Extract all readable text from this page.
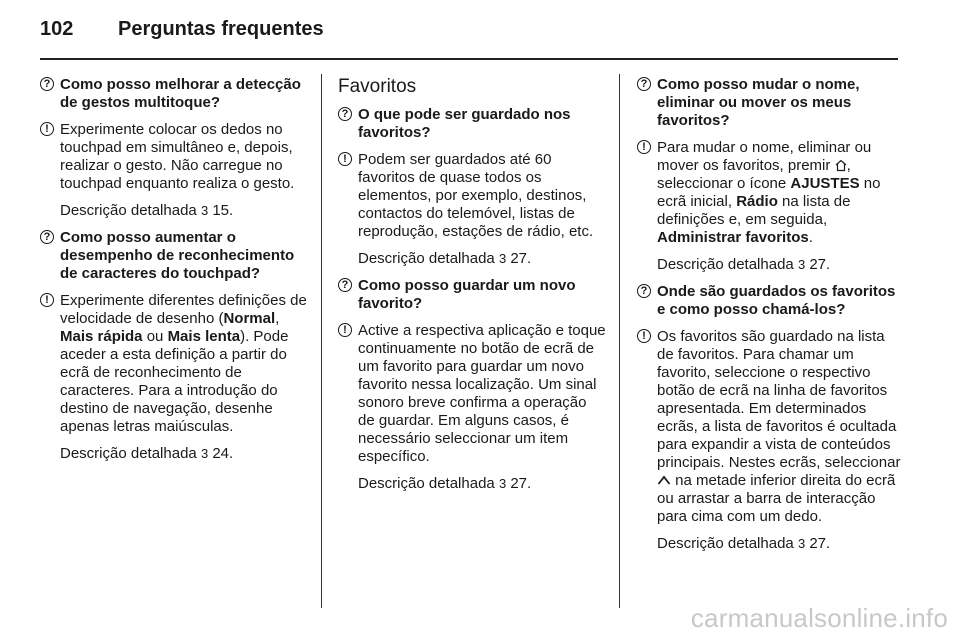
102 Perguntas frequentes
? Como posso melhorar a detecção de gestos multitoque?
! Experimente colocar os dedos no touchpad em simultâneo e, depois, realizar o gesto. Não carregue no touchpad enquanto realiza o gesto.
Descrição detalhada 3 15.
? Como posso aumentar o desempenho de reconhecimento de caracteres do touchpad?
! Experimente diferentes definições de velocidade de desenho (Normal, Mais rápida ou Mais lenta). Pode aceder a esta definição a partir do ecrã de reconhecimento de caracteres. Para a introdução do destino de navegação, desenhe apenas letras maiúsculas.
Descrição detalhada 3 24.
Favoritos
? O que pode ser guardado nos favoritos?
! Podem ser guardados até 60 favoritos de quase todos os elementos, por exemplo, destinos, contactos do telemóvel, listas de reprodução, estações de rádio, etc.
Descrição detalhada 3 27.
? Como posso guardar um novo favorito?
! Active a respectiva aplicação e toque continuamente no botão de ecrã de um favorito para guardar um novo favorito nessa localização. Um sinal sonoro breve confirma a operação de guardar. Em alguns casos, é necessário seleccionar um item específico.
Descrição detalhada 3 27.
? Como posso mudar o nome, eliminar ou mover os meus favoritos?
! Para mudar o nome, eliminar ou mover os favoritos, premir , seleccionar o ícone AJUSTES no ecrã inicial, Rádio na lista de definições e, em seguida, Administrar favoritos.
Descrição detalhada 3 27.
? Onde são guardados os favoritos e como posso chamá-los?
! Os favoritos são guardado na lista de favoritos. Para chamar um favorito, seleccione o respectivo botão de ecrã na linha de favoritos apresentada. Em determinados ecrãs, a lista de favoritos é ocultada para expandir a vista de conteúdos principais. Nestes ecrãs, seleccionar  na metade inferior direita do ecrã ou arrastar a barra de interacção para cima com um dedo.
Descrição detalhada 3 27.
carmanualsonline.info
